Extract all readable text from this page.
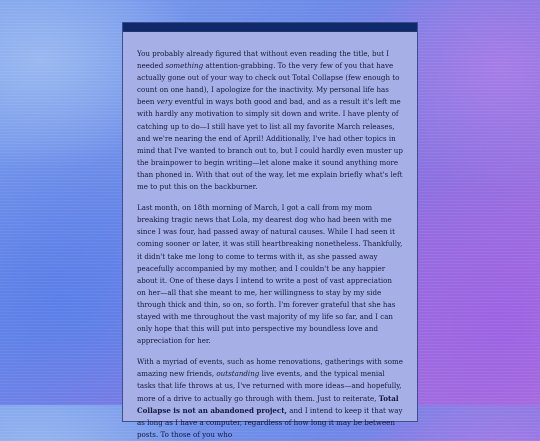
You probably already figured that without even reading the title, but I needed something attention-grabbing. To the very few of you that have actually gone out of your way to check out Total Collapse (few enough to count on one hand), I apologize for the inactivity. My personal life has been very eventful in ways both good and bad, and as a result it's left me with hardly any motivation to simply sit down and write. I have plenty of catching up to do—I still have yet to list all my favorite March releases, and we're nearing the end of April! Additionally, I've had other topics in mind that I've wanted to branch out to, but I could hardly even muster up the brainpower to begin writing—let alone make it sound anything more than phoned in. With that out of the way, let me explain briefly what's left me to put this on the backburner.

Last month, on 18th morning of March, I got a call from my mom breaking tragic news that Lola, my dearest dog who had been with me since I was four, had passed away of natural causes. While I had seen it coming sooner or later, it was still heartbreaking nonetheless. Thankfully, it didn't take me long to come to terms with it, as she passed away peacefully accompanied by my mother, and I couldn't be any happier about it. One of these days I intend to write a post of vast appreciation on her—all that she meant to me, her willingness to stay by my side through thick and thin, so on, so forth. I'm forever grateful that she has stayed with me throughout the vast majority of my life so far, and I can only hope that this will put into perspective my boundless love and appreciation for her.

With a myriad of events, such as home renovations, gatherings with some amazing new friends, outstanding live events, and the typical menial tasks that life throws at us, I've returned with more ideas—and hopefully, more of a drive to actually go through with them. Just to reiterate, Total Collapse is not an abandoned project, and I intend to keep it that way as long as I have a computer, regardless of how long it may be between posts. To those of you who
